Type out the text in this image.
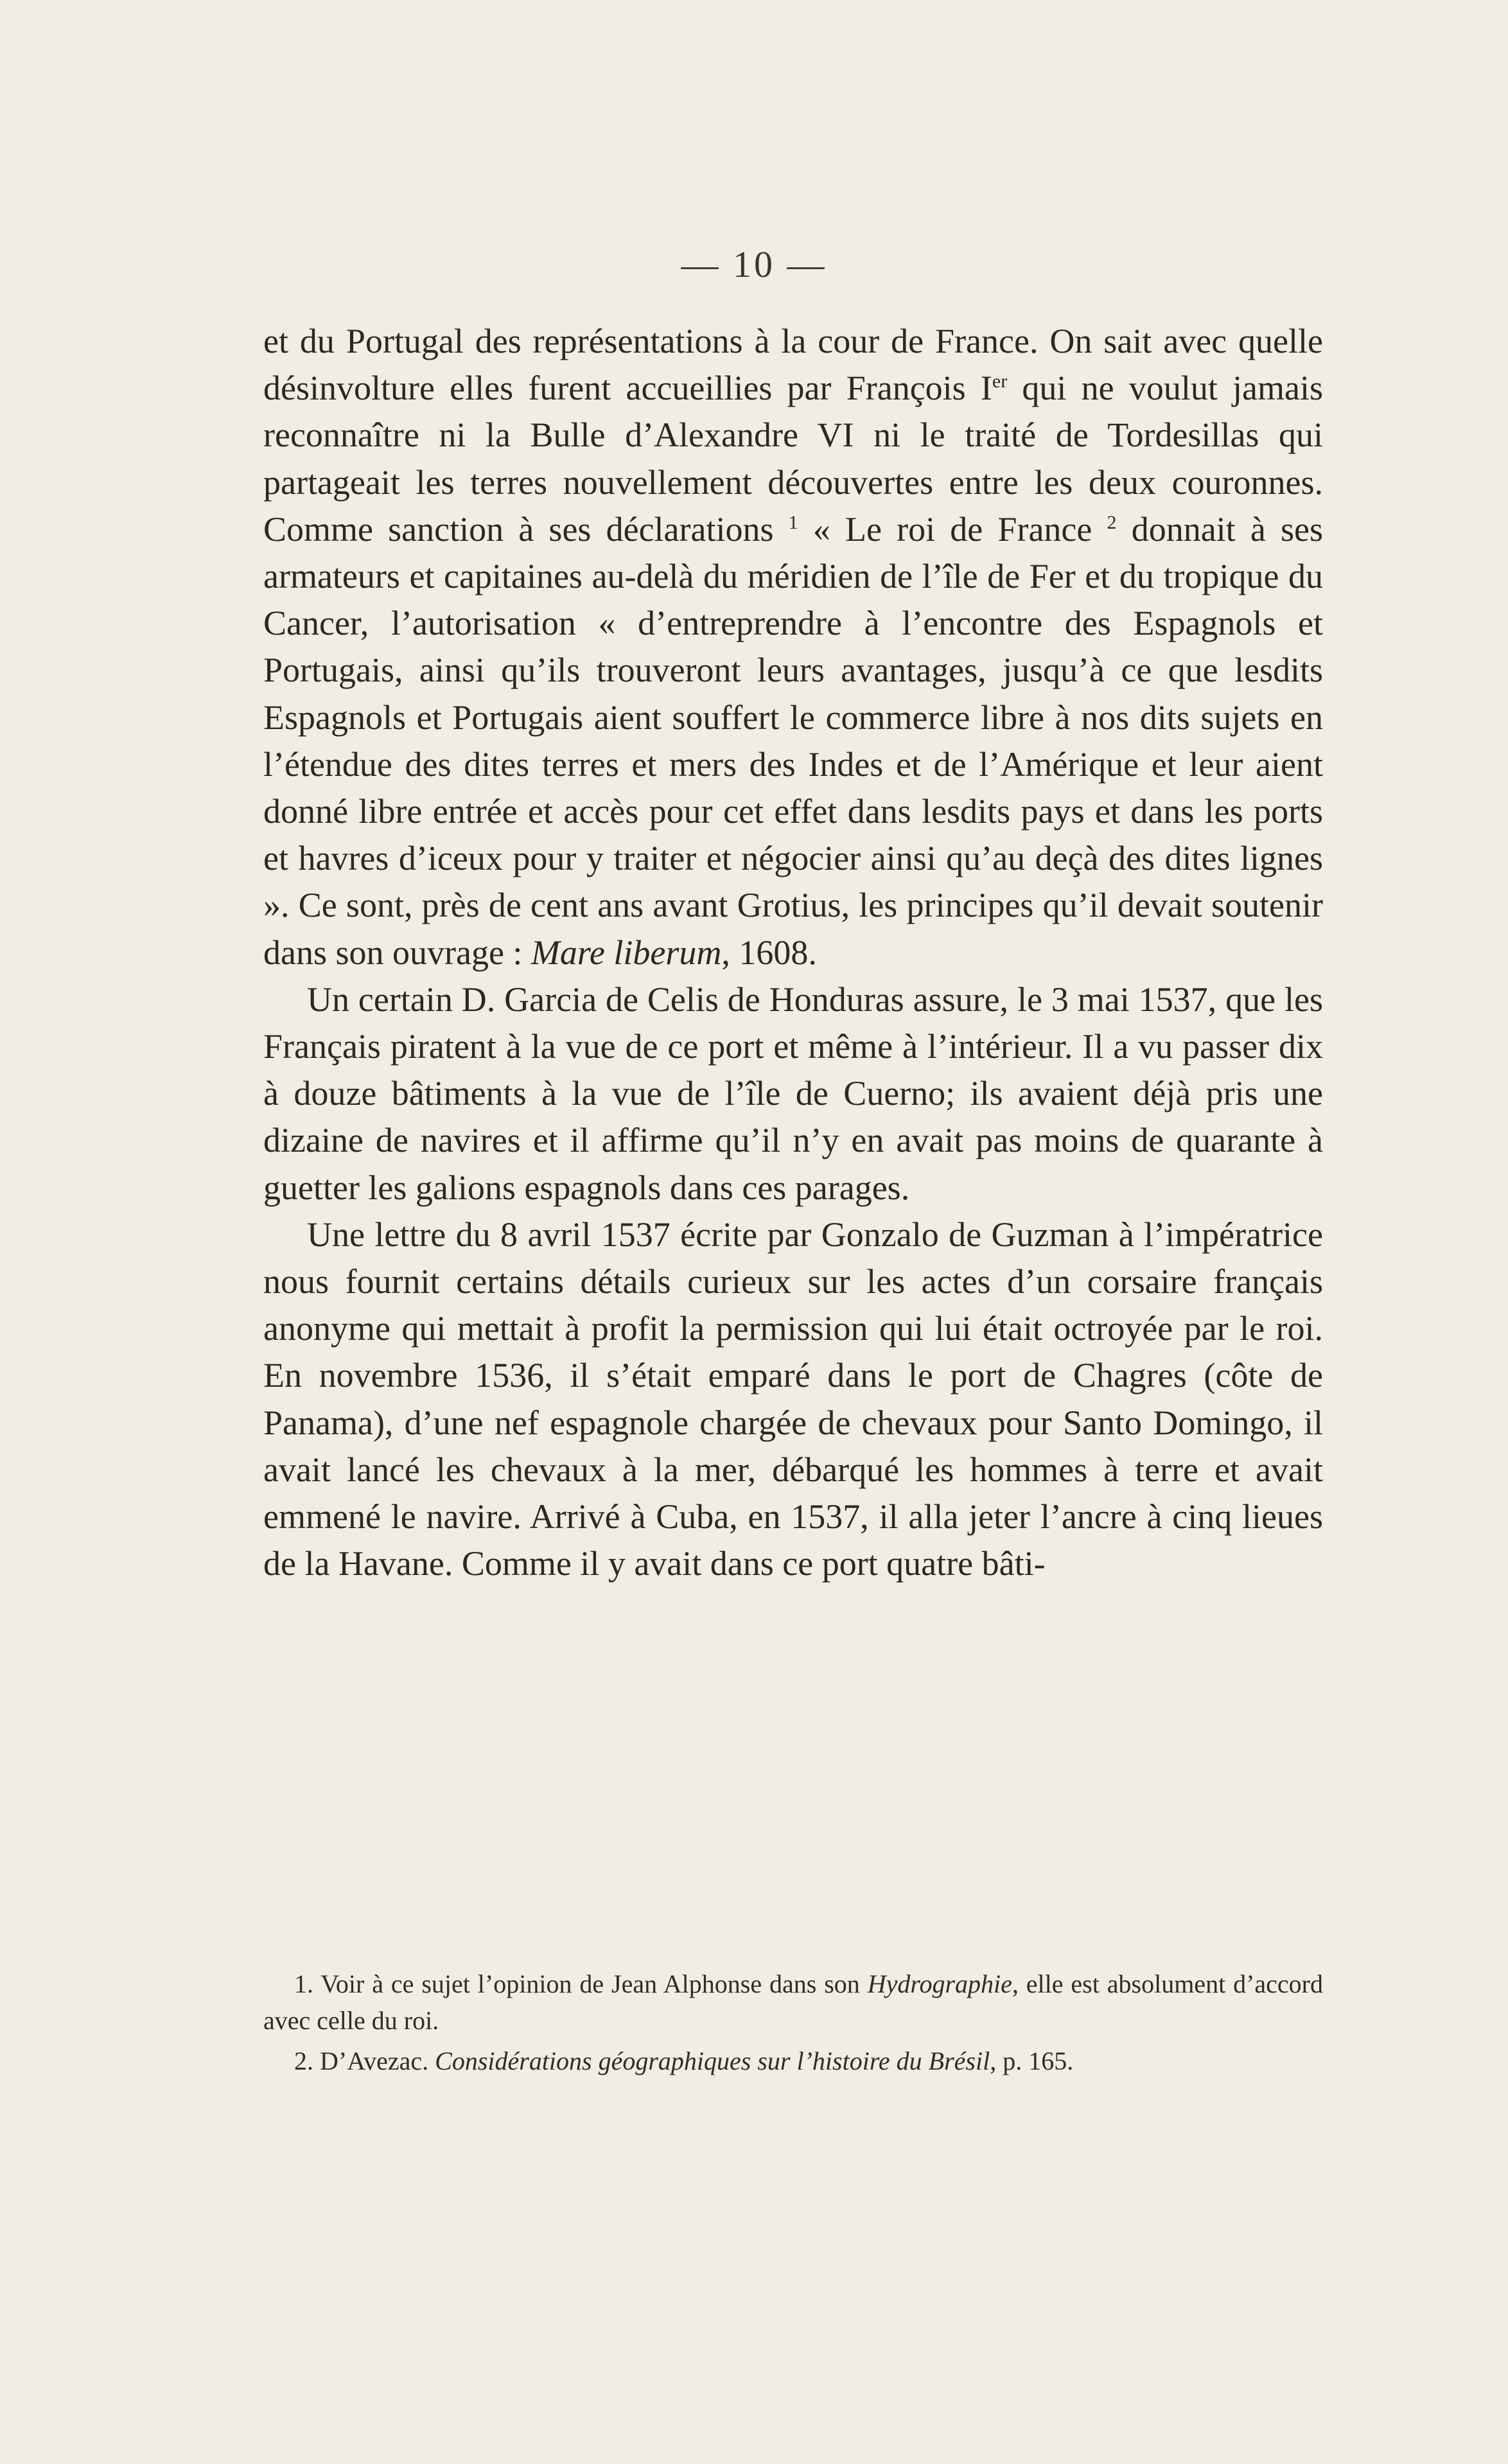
— 10 —

et du Portugal des représentations à la cour de France. On sait avec quelle désinvolture elles furent accueillies par François Ier qui ne voulut jamais reconnaître ni la Bulle d’Alexandre VI ni le traité de Tordesillas qui partageait les terres nouvellement découvertes entre les deux couronnes. Comme sanction à ses déclarations $^1$ « Le roi de France $^2$ donnait à ses armateurs et capitaines au-delà du méridien de l’île de Fer et du tropique du Cancer, l’autorisation « d’entreprendre à l’encontre des Espagnols et Portugais, ainsi qu’ils trouveront leurs avantages, jusqu’à ce que lesdits Espagnols et Portugais aient souffert le commerce libre à nos dits sujets en l’étendue des dites terres et mers des Indes et de l’Amérique et leur aient donné libre entrée et accès pour cet effet dans lesdits pays et dans les ports et havres d’iceux pour y traiter et négocier ainsi qu’au deçà des dites lignes ». Ce sont, près de cent ans avant Grotius, les principes qu’il devait soutenir dans son ouvrage : Mare liberum, 1608.

Un certain D. Garcia de Celis de Honduras assure, le 3 mai 1537, que les Français piratent à la vue de ce port et même à l’intérieur. Il a vu passer dix à douze bâtiments à la vue de l’île de Cuerno; ils avaient déjà pris une dizaine de navires et il affirme qu’il n’y en avait pas moins de quarante à guetter les galions espagnols dans ces parages.

Une lettre du 8 avril 1537 écrite par Gonzalo de Guzman à l’impératrice nous fournit certains détails curieux sur les actes d’un corsaire français anonyme qui mettait à profit la permission qui lui était octroyée par le roi. En novembre 1536, il s’était emparé dans le port de Chagres (côte de Panama), d’une nef espagnole chargée de chevaux pour Santo Domingo, il avait lancé les chevaux à la mer, débarqué les hommes à terre et avait emmené le navire. Arrivé à Cuba, en 1537, il alla jeter l’ancre à cinq lieues de la Havane. Comme il y avait dans ce port quatre bâti-

1. Voir à ce sujet l’opinion de Jean Alphonse dans son Hydrographie, elle est absolument d’accord avec celle du roi.

2. D’Avezac. Considérations géographiques sur l’histoire du Brésil, p. 165.
